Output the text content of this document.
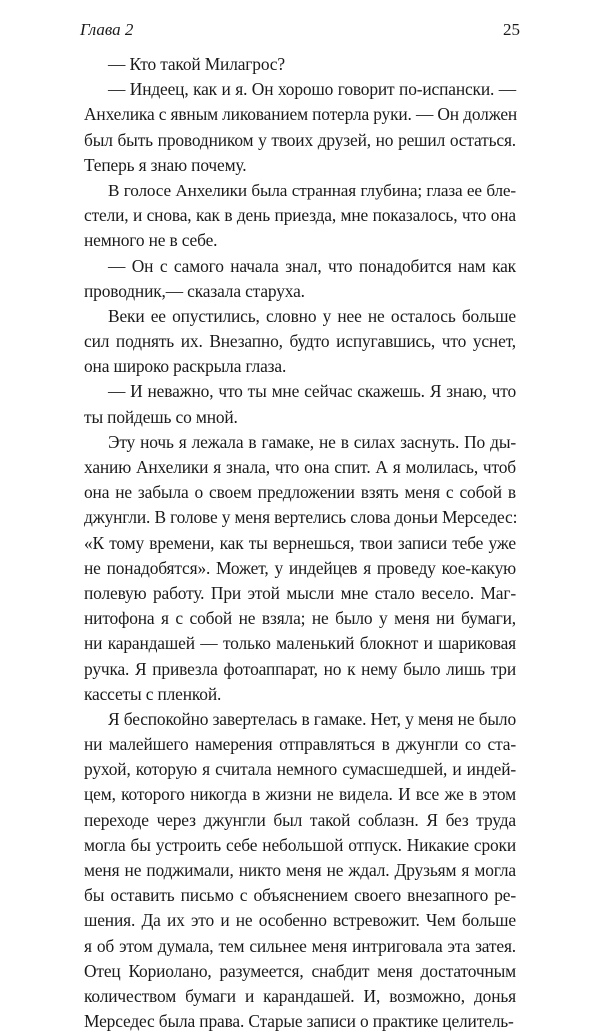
Глава 2	25
— Кто такой Милагрос?
— Индеец, как и я. Он хорошо говорит по-испански. —
Анхелика с явным ликованием потерла руки. — Он должен
был быть проводником у твоих друзей, но решил остаться.
Теперь я знаю почему.
В голосе Анхелики была странная глубина; глаза ее бле-
стели, и снова, как в день приезда, мне показалось, что она
немного не в себе.
— Он с самого начала знал, что понадобится нам как
проводник,— сказала старуха.
Веки ее опустились, словно у нее не осталось больше
сил поднять их. Внезапно, будто испугавшись, что уснет,
она широко раскрыла глаза.
— И неважно, что ты мне сейчас скажешь. Я знаю, что
ты пойдешь со мной.
Эту ночь я лежала в гамаке, не в силах заснуть. По ды-
ханию Анхелики я знала, что она спит. А я молилась, чтоб
она не забыла о своем предложении взять меня с собой в
джунгли. В голове у меня вертелись слова доньи Мерседес:
«К тому времени, как ты вернешься, твои записи тебе уже
не понадобятся». Может, у индейцев я проведу кое-какую
полевую работу. При этой мысли мне стало весело. Маг-
нитофона я с собой не взяла; не было у меня ни бумаги,
ни карандашей — только маленький блокнот и шариковая
ручка. Я привезла фотоаппарат, но к нему было лишь три
кассеты с пленкой.
Я беспокойно завертелась в гамаке. Нет, у меня не было
ни малейшего намерения отправляться в джунгли со ста-
рухой, которую я считала немного сумасшедшей, и индей-
цем, которого никогда в жизни не видела. И все же в этом
переходе через джунгли был такой соблазн. Я без труда
могла бы устроить себе небольшой отпуск. Никакие сроки
меня не поджимали, никто меня не ждал. Друзьям я могла
бы оставить письмо с объяснением своего внезапного ре-
шения. Да их это и не особенно встревожит. Чем больше
я об этом думала, тем сильнее меня интриговала эта затея.
Отец Кориолано, разумеется, снабдит меня достаточным
количеством бумаги и карандашей. И, возможно, донья
Мерседес была права. Старые записи о практике целитель-
